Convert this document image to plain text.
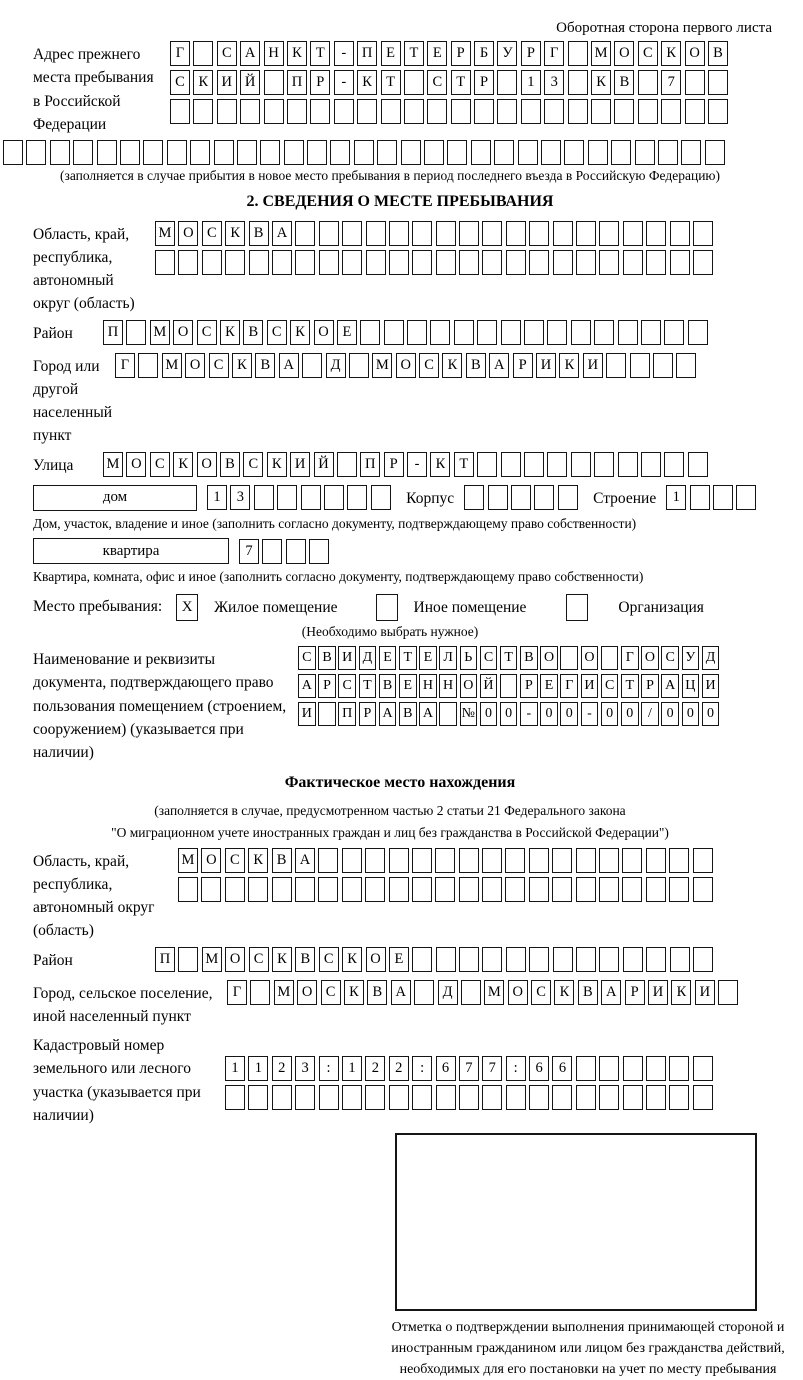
Оборотная сторона первого листа
Адрес прежнего места пребывания в Российской Федерации
Г	С А Н К Т	-	П Е	Т	Е	Р	Б У Р	Г	М О С К О В
С К И Й	П Р	-	К Т	С Т	Р	1	3	К В	7
(заполняется в случае прибытия в новое место пребывания в период последнего въезда в Российскую Федерацию)
2. СВЕДЕНИЯ О МЕСТЕ ПРЕБЫВАНИЯ
Область, край, республика, автономный округ (область)
М О С К В А
Район	П	М О С К В С К О Е
Город или другой населенный пункт
Г	М О С К В А	Д	М О С К В А Р И К И
Улица	М О С К О В С К И Й	П Р	-	К Т
дом	1	3	Корпус	Строение	1
Дом, участок, владение и иное (заполнить согласно документу, подтверждающему право собственности)
квартира	7
Квартира, комната, офис и иное (заполнить согласно документу, подтверждающему право собственности)
Место пребывания:	X	Жилое помещение	Иное помещение	Организация
(Необходимо выбрать нужное)
Наименование и реквизиты документа, подтверждающего право пользования помещением (строением, сооружением) (указывается при наличии)
С В И Д Е Т Е Л Ь С Т В О О	Г О С У Д
А Р С Т В Е Н Н О Й	Р Е Г И С Т Р А Ц И
И П Р А В А № 0 0	-	0 0	-	0 0	/	0 0 0
Фактическое место нахождения
(заполняется в случае, предусмотренном частью 2 статьи 21 Федерального закона
"О миграционном учете иностранных граждан и лиц без гражданства в Российской Федерации")
Область, край, республика, автономный округ (область)
М О С К В А
Район	П	М О С К В С К О Е
Город, сельское поселение, иной населенный пункт
Г	М О С К В А	Д	М О С К В А Р И К И
Кадастровый номер земельного или лесного участка (указывается при наличии)
1	1	2	3	:	1	2	2	:	6	7	7	:	6	6
Отметка о подтверждении выполнения принимающей стороной и иностранным гражданином или лицом без гражданства действий, необходимых для его постановки на учет по месту пребывания
